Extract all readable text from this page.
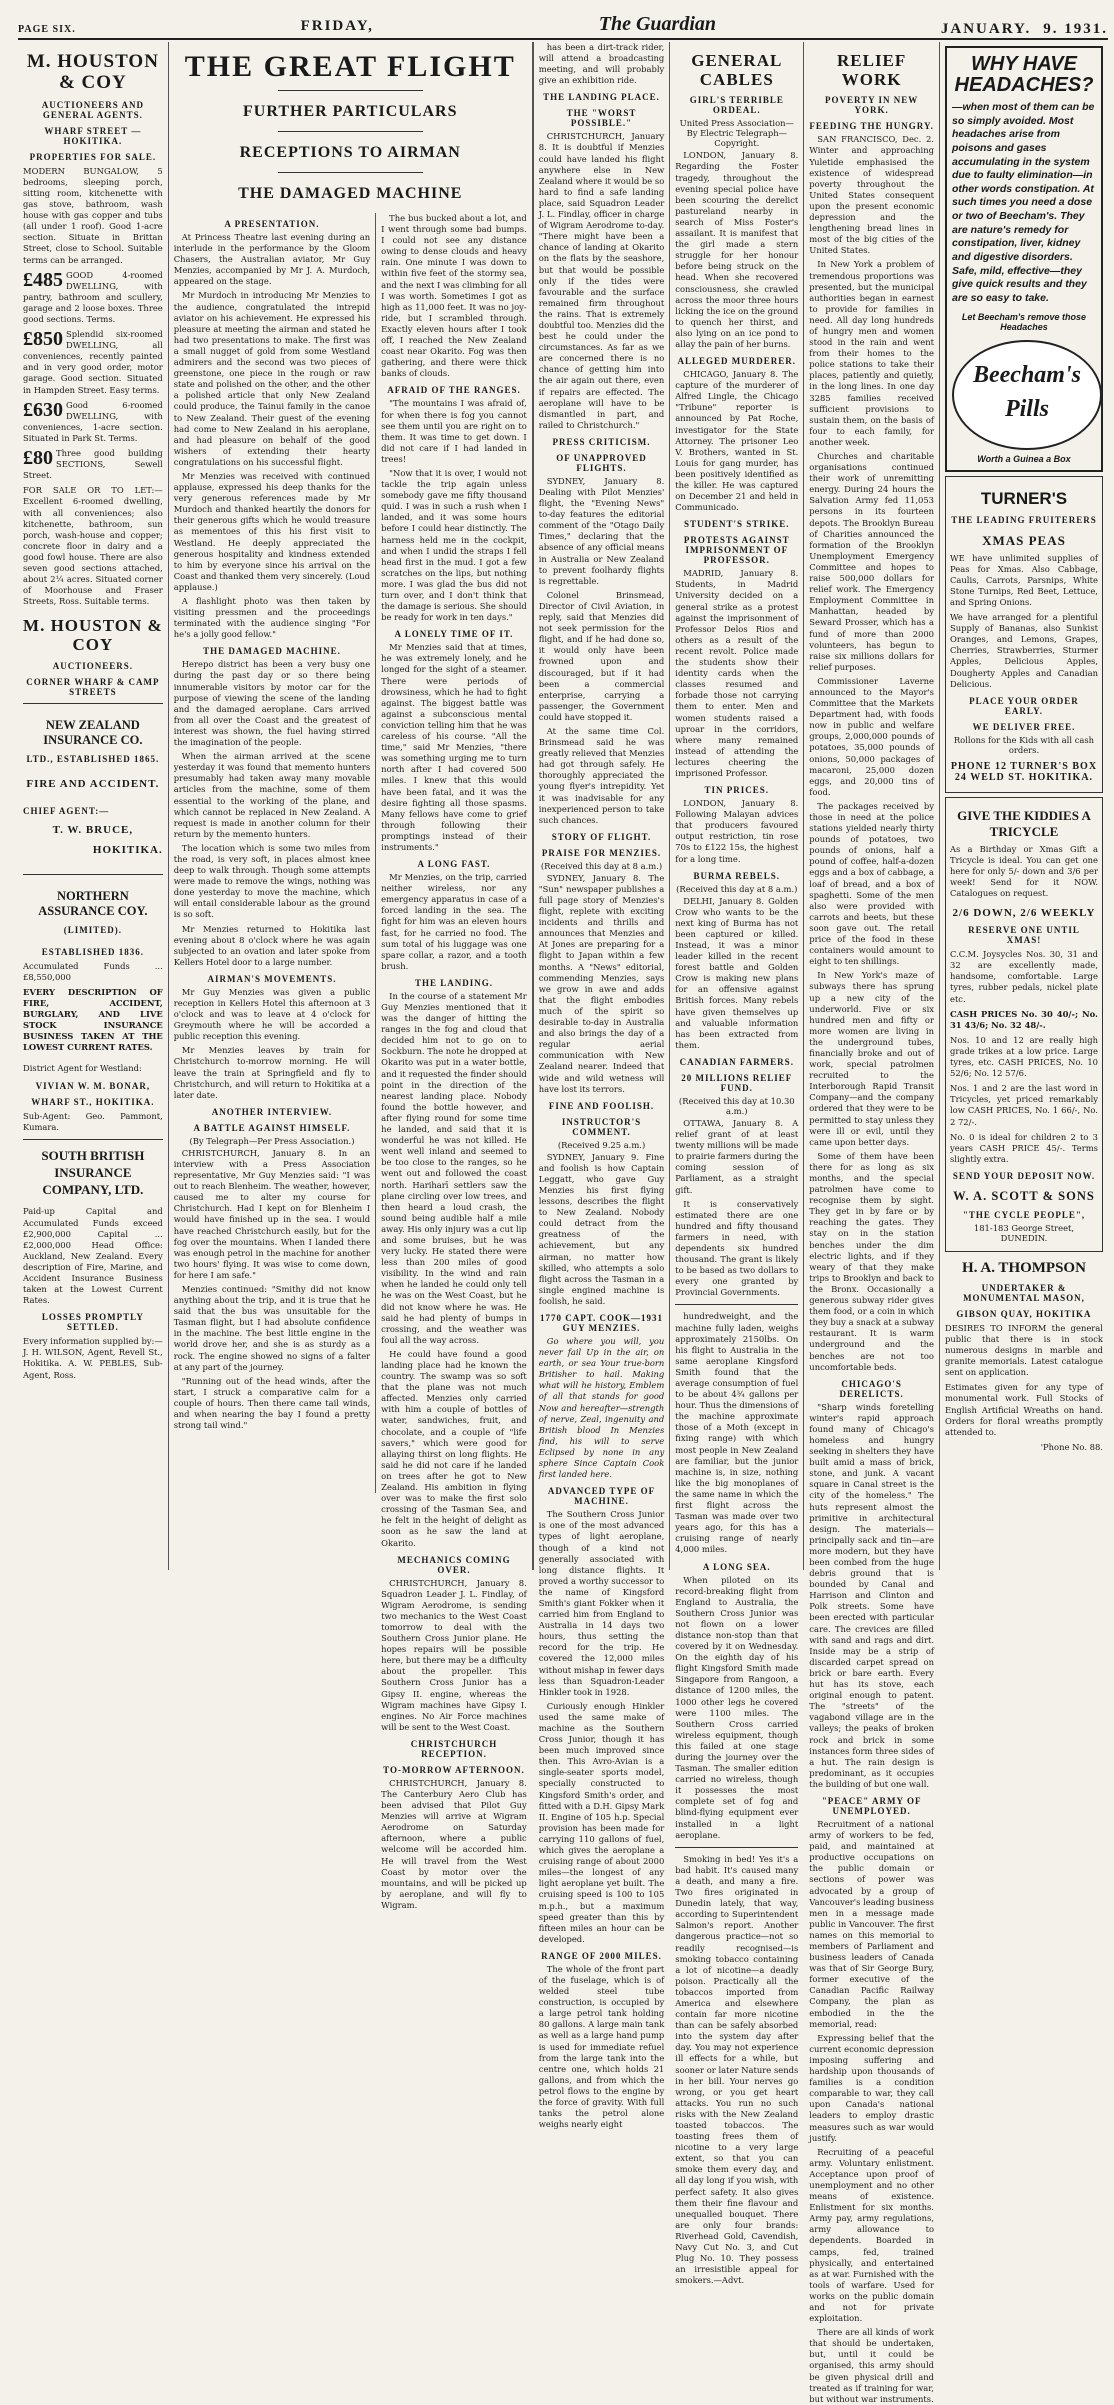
PAGE SIX.	FRIDAY,	The Guardian	JANUARY. 9. 1931.
M. HOUSTON & COY
AUCTIONEERS AND GENERAL AGENTS.
WHARF STREET — HOKITIKA.
PROPERTIES FOR SALE.
MODERN BUNGALOW, 5 bedrooms, sleeping porch, sitting room, kitchenette with gas stove, bathroom, wash house with gas copper and tubs (all under 1 roof). Good 1-acre section. Situate in Brittan Street, close to School. Suitable terms can be arranged.
£485 GOOD 4-roomed DWELLING, with pantry, bathroom and scullery, garage and 2 loose boxes. Three good sections. Terms.
£850 Splendid six-roomed DWELLING, all conveniences, recently painted and in very good order, motor garage. Good section. Situated in Hampden Street. Easy terms.
£630 Good 6-roomed DWELLING, with conveniences, 1-acre section. Situated in Park St. Terms.
£80 Three good building SECTIONS, Sewell Street.
FOR SALE OR TO LET:—Excellent 6-roomed dwelling, with all conveniences; also kitchenette, bathroom, sun porch, wash-house and copper; concrete floor in dairy and a good fowl house. There are also seven good sections attached, about 2¼ acres. Situated corner of Moorhouse and Fraser Streets, Ross. Suitable terms.
M. HOUSTON & COY
AUCTIONEERS.
CORNER WHARF & CAMP STREETS
NEW ZEALAND INSURANCE CO.
LTD., ESTABLISHED 1865.
FIRE AND ACCIDENT.
CHIEF AGENT:—
T. W. BRUCE,
HOKITIKA.
NORTHERN ASSURANCE COY.
(LIMITED).
ESTABLISHED 1836.
Accumulated Funds ... £8,550,000
EVERY DESCRIPTION OF FIRE, ACCIDENT, BURGLARY, AND LIVE STOCK INSURANCE BUSINESS TAKEN AT THE LOWEST CURRENT RATES.
District Agent for Westland:
VIVIAN W. M. BONAR,
WHARF ST., HOKITIKA.
Sub-Agent: Geo. Pammont, Kumara.
SOUTH BRITISH INSURANCE COMPANY, LTD.
Paid-up Capital and Accumulated Funds exceed £2,900,000 Capital ... £2,000,000 Head Office: Auckland, New Zealand. Every description of Fire, Marine, and Accident Insurance Business taken at the Lowest Current Rates.
LOSSES PROMPTLY SETTLED.
Every information supplied by:— J. H. WILSON, Agent, Revell St., Hokitika. A. W. PEBLES, Sub-Agent, Ross.
THE GREAT FLIGHT
FURTHER PARTICULARS
RECEPTIONS TO AIRMAN
THE DAMAGED MACHINE
A PRESENTATION.

At Princess Theatre last evening during an interlude in the performance by the Gloom Chasers, the Australian aviator, Mr Guy Menzies, accompanied by Mr J. A. Murdoch, appeared on the stage.

Mr Murdoch in introducing Mr Menzies to the audience, congratulated the intrepid aviator on his achievement. He expressed his pleasure at meeting the airman and stated he had two presentations to make. The first was a small nugget of gold from some Westland admirers and the second was two pieces of greenstone, one piece in the rough or raw state and polished on the other, and the other a polished article that only New Zealand could produce, the Tainui family in the canoe to New Zealand. Their guest of the evening had come to New Zealand in his aeroplane, and had pleasure on behalf of the good wishers of extending their hearty congratulations on his successful flight.

Mr Menzies was received with continued applause, expressed his deep thanks for the very generous references made by Mr Murdoch and thanked heartily the donors for their generous gifts which he would treasure as mementoes of this his first visit to Westland. He deeply appreciated the generous hospitality and kindness extended to him by everyone since his arrival on the Coast and thanked them very sincerely. (Loud applause.)

A flashlight photo was then taken by visiting pressmen and the proceedings terminated with the audience singing "For he's a jolly good fellow."

THE DAMAGED MACHINE.

Herepo district has been a very busy one during the past day or so there being innumerable visitors by motor car for the purpose of viewing the scene of the landing and the damaged aeroplane. Cars arrived from all over the Coast and the greatest of interest was shown, the fuel having stirred the imagination of the people.

When the airman arrived at the scene yesterday it was found that memento hunters presumably had taken away many movable articles from the machine, some of them essential to the working of the plane, and which cannot be replaced in New Zealand. A request is made in another column for their return by the memento hunters.

The location which is some two miles from the road, is very soft, in places almost knee deep to walk through. Though some attempts were made to remove the wings, nothing was done yesterday to move the machine, which will entail considerable labour as the ground is so soft.

Mr Menzies returned to Hokitika last evening about 8 o'clock where he was again subjected to an ovation and later spoke from Kellers Hotel door to a large number.

AIRMAN'S MOVEMENTS.

Mr Guy Menzies was given a public reception in Kellers Hotel this afternoon at 3 o'clock and was to leave at 4 o'clock for Greymouth where he will be accorded a public reception this evening.

Mr Menzies leaves by train for Christchurch to-morrow morning. He will leave the train at Springfield and fly to Christchurch, and will return to Hokitika at a later date.

ANOTHER INTERVIEW.
A BATTLE AGAINST HIMSELF.
(By Telegraph—Per Press Association.)

CHRISTCHURCH, January 8. In an interview with a Press Association representative, Mr Guy Menzies said: "I was out to reach Blenheim. The weather, however, caused me to alter my course for Christchurch. Had I kept on for Blenheim I would have finished up in the sea. I would have reached Christchurch easily, but for the fog over the mountains. When I landed there was enough petrol in the machine for another two hours' flying. It was wise to come down, for here I am safe."

Menzies continued: "Smithy did not know anything about the trip, and it is true that he said that the bus was unsuitable for the Tasman flight, but I had absolute confidence in the machine. The best little engine in the world drove her, and she is as sturdy as a rock. The engine showed no signs of a falter at any part of the journey.

"Running out of the head winds, after the start, I struck a comparative calm for a couple of hours. Then there came tail winds, and when nearing the bay I found a pretty strong tail wind."

The bus bucked about a lot, and I went through some bad bumps. I could not see any distance owing to dense clouds and heavy rain. One minute I was down to within five feet of the stormy sea, and the next I was climbing for all I was worth. Sometimes I got as high as 11,000 feet. It was no joy-ride, but I scrambled through. Exactly eleven hours after I took off, I reached the New Zealand coast near Okarito. Fog was then gathering, and there were thick banks of clouds.

AFRAID OF THE RANGES.

"The mountains I was afraid of, for when there is fog you cannot see them until you are right on to them. It was time to get down. I did not care if I had landed in trees!

"Now that it is over, I would not tackle the trip again unless somebody gave me fifty thousand quid. I was in such a rush when I landed, and it was some hours before I could hear distinctly. The harness held me in the cockpit, and when I undid the straps I fell head first in the mud. I got a few scratches on the lips, but nothing more. I was glad the bus did not turn over, and I don't think that the damage is serious. She should be ready for work in ten days."

A LONELY TIME OF IT.

Mr Menzies said that at times, he was extremely lonely, and he longed for the sight of a steamer. There were periods of drowsiness, which he had to fight against. The biggest battle was against a subconscious mental conviction telling him that he was careless of his course. "All the time," said Mr Menzies, "there was something urging me to turn north after I had covered 500 miles. I knew that this would have been fatal, and it was the desire fighting all those spasms. Many fellows have come to grief through following their promptings instead of their instruments."

A LONG FAST.

Mr Menzies, on the trip, carried neither wireless, nor any emergency apparatus in case of a forced landing in the sea. The fight for him was an eleven hours fast, for he carried no food. The sum total of his luggage was one spare collar, a razor, and a tooth brush.

THE LANDING.

In the course of a statement Mr Guy Menzies mentioned that it was the danger of hitting the ranges in the fog and cloud that decided him not to go on to Sockburn. The note he dropped at Okarito was put in a water bottle, and it requested the finder should point in the direction of the nearest landing place. Nobody found the bottle however, and after flying round for some time he landed, and said that it is wonderful he was not killed. He went well inland and seemed to be too close to the ranges, so he went out and followed the coast north. Hariharī settlers saw the plane circling over low trees, and then heard a loud crash, the sound being audible half a mile away. His only injury was a cut lip and some bruises, but he was very lucky. He stated there were less than 200 miles of good visibility. In the wind and rain when he landed he could only tell he was on the West Coast, but he did not know where he was. He said he had plenty of bumps in crossing, and the weather was foul all the way across.

He could have found a good landing place had he known the country. The swamp was so soft that the plane was not much affected. Menzies only carried with him a couple of bottles of water, sandwiches, fruit, and chocolate, and a couple of "life savers," which were good for allaying thirst on long flights. He said he did not care if he landed on trees after he got to New Zealand. His ambition in flying over was to make the first solo crossing of the Tasman Sea, and he felt in the height of delight as soon as he saw the land at Okarito.

MECHANICS COMING OVER.

CHRISTCHURCH, January 8. Squadron Leader J. L. Findlay, of Wigram Aerodrome, is sending two mechanics to the West Coast tomorrow to deal with the Southern Cross Junior plane. He hopes repairs will be possible here, but there may be a difficulty about the propeller. This Southern Cross Junior has a Gipsy II. engine, whereas the Wigram machines have Gipsy I. engines. No Air Force machines will be sent to the West Coast.

CHRISTCHURCH RECEPTION.
TO-MORROW AFTERNOON.

CHRISTCHURCH, January 8. The Canterbury Aero Club has been advised that Pilot Guy Menzies will arrive at Wigram Aerodrome on Saturday afternoon, where a public welcome will be accorded him. He will travel from the West Coast by motor over the mountains, and will be picked up by aeroplane, and will fly to Wigram.

has been a dirt-track rider, will attend a broadcasting meeting, and will probably give an exhibition ride.

THE LANDING PLACE.
THE "WORST POSSIBLE."

CHRISTCHURCH, January 8. It is doubtful if Menzies could have landed his flight anywhere else in New Zealand where it would be so hard to find a safe landing place, said Squadron Leader J. L. Findlay, officer in charge of Wigram Aerodrome to-day. "There might have been a chance of landing at Okarito on the flats by the seashore, but that would be possible only if the tides were favourable and the surface remained firm throughout the rains. That is extremely doubtful too. Menzies did the best he could under the circumstances. As far as we are concerned there is no chance of getting him into the air again out there, even if repairs are effected. The aeroplane will have to be dismantled in part, and railed to Christchurch."

PRESS CRITICISM.
OF UNAPPROVED FLIGHTS.

SYDNEY, January 8. Dealing with Pilot Menzies' flight, the "Evening News" to-day features the editorial comment of the "Otago Daily Times," declaring that the absence of any official means in Australia or New Zealand to prevent foolhardy flights is regrettable.

Colonel Brinsmead, Director of Civil Aviation, in reply, said that Menzies did not seek permission for the flight, and if he had done so, it would only have been frowned upon and discouraged, but if it had been a commercial enterprise, carrying a passenger, the Government could have stopped it.

At the same time Col. Brinsmead said he was greatly relieved that Menzies had got through safely. He thoroughly appreciated the young flyer's intrepidity. Yet it was inadvisable for any inexperienced person to take such chances.

STORY OF FLIGHT.
PRAISE FOR MENZIES.
(Received this day at 8 a.m.)

SYDNEY, January 8. The "Sun" newspaper publishes a full page story of Menzies's flight, replete with exciting incidents and thrills and announces that Menzies and At Jones are preparing for a flight to Japan within a few months. A "News" editorial, commending Menzies, says we grow in awe and adds that the flight embodies much of the spirit so desirable to-day in Australia and also brings the day of a regular aerial communication with New Zealand nearer. Indeed that wide and wild wetness will have lost its terrors.

FINE AND FOOLISH.
INSTRUCTOR'S COMMENT.
(Received 9.25 a.m.)

SYDNEY, January 9. Fine and foolish is how Captain Leggatt, who gave Guy Menzies his first flying lessons, describes the flight to New Zealand. Nobody could detract from the greatness of the achievement, but any airman, no matter how skilled, who attempts a solo flight across the Tasman in a single engined machine is foolish, he said.

1770 CAPT. COOK—1931 GUY MENZIES.

Go where you will, you never fail Up in the air, on earth, or sea Your true-born Britisher to hail. Making what will he history, Emblem of all that stands for good Now and hereafter—strength of nerve, Zeal, ingenuity and British blood In Menzies find, his will to serve Eclipsed by none in any sphere Since Captain Cook first landed here.

ADVANCED TYPE OF MACHINE.

The Southern Cross Junior is one of the most advanced types of light aeroplane, though of a kind not generally associated with long distance flights. It proved a worthy successor to the name of Kingsford Smith's giant Fokker when it carried him from England to Australia in 14 days two hours, thus setting the record for the trip. He covered the 12,000 miles without mishap in fewer days less than Squadron-Leader Hinkler took in 1928.

Curiously enough Hinkler used the same make of machine as the Southern Cross Junior, though it has been much improved since then. This Avro-Avian is a single-seater sports model, specially constructed to Kingsford Smith's order, and fitted with a D.H. Gipsy Mark II. Engine of 105 h.p. Special provision has been made for carrying 110 gallons of fuel, which gives the aeroplane a cruising range of about 2000 miles—the longest of any light aeroplane yet built. The cruising speed is 100 to 105 m.p.h., but a maximum speed greater than this by fifteen miles an hour can be developed.

RANGE OF 2000 MILES.

The whole of the front part of the fuselage, which is of welded steel tube construction, is occupied by a large petrol tank holding 80 gallons. A large main tank as well as a large hand pump is used for immediate refuel from the large tank into the centre one, which holds 21 gallons, and from which the petrol flows to the engine by the force of gravity. With full tanks the petrol alone weighs nearly eight

GENERAL CABLES
GIRL'S TERRIBLE ORDEAL.
United Press Association—By Electric Telegraph—Copyright.

LONDON, January 8. Regarding the Foster tragedy, throughout the evening special police have been scouring the derelict pastureland nearby in search of Miss Foster's assailant. It is manifest that the girl made a stern struggle for her honour before being struck on the head. When she recovered consciousness, she crawled across the moor three hours licking the ice on the ground to quench her thirst, and also lying on an ice pond to allay the pain of her burns.

ALLEGED MURDERER.

CHICAGO, January 8. The capture of the murderer of Alfred Lingle, the Chicago "Tribune" reporter is announced by Pat Roche, investigator for the State Attorney. The prisoner Leo V. Brothers, wanted in St. Louis for gang murder, has been positively identified as the killer. He was captured on December 21 and held in Communicado.

STUDENT'S STRIKE.
PROTESTS AGAINST IMPRISONMENT OF PROFESSOR.

MADRID, January 8. Students, in Madrid University decided on a general strike as a protest against the imprisonment of Professor Delos Rios and others as a result of the recent revolt. Police made the students show their identity cards when the classes resumed and forbade those not carrying them to enter. Men and women students raised a uproar in the corridors, where many remained instead of attending the lectures cheering the imprisoned Professor.

TIN PRICES.

LONDON, January 8. Following Malayan advices that producers favoured output restriction, tin rose 70s to £122 15s, the highest for a long time.

BURMA REBELS.
(Received this day at 8 a.m.)

DELHI, January 8. Golden Crow who wants to be the next king of Burma has not been captured or killed. Instead, it was a minor leader killed in the recent forest battle and Golden Crow is making new plans for an offensive against British forces. Many rebels have given themselves up and valuable information has been extracted from them.

CANADIAN FARMERS.
20 MILLIONS RELIEF FUND.
(Received this day at 10.30 a.m.)

OTTAWA, January 8. A relief grant of at least twenty millions will be made to prairie farmers during the coming session of Parliament, as a straight gift.

It is conservatively estimated there are one hundred and fifty thousand farmers in need, with dependents six hundred thousand. The grant is likely to be based as two dollars to every one granted by Provincial Governments.

hundredweight, and the machine fully laden, weighs approximately 2150lbs. On his flight to Australia in the same aeroplane Kingsford Smith found that the average consumption of fuel to be about 4¾ gallons per hour. Thus the dimensions of the machine approximate those of a Moth (except in fixing range) with which most people in New Zealand are familiar, but the junior machine is, in size, nothing like the big monoplanes of the same name in which the first flight across the Tasman was made over two years ago, for this has a cruising range of nearly 4,000 miles.

A LONG SEA.

When piloted on its record-breaking flight from England to Australia, the Southern Cross Junior was not flown on a lower distance non-stop than that covered by it on Wednesday. On the eighth day of his flight Kingsford Smith made Singapore from Rangoon, a distance of 1200 miles, the 1000 other legs he covered were 1100 miles. The Southern Cross carried wireless equipment, though this failed at one stage during the journey over the Tasman. The smaller edition carried no wireless, though it possesses the most complete set of fog and blind-flying equipment ever installed in a light aeroplane.

Smoking in bed! Yes it's a bad habit. It's caused many a death, and many a fire. Two fires originated in Dunedin lately, that way, according to Superintendent Salmon's report. Another dangerous practice—not so readily recognised—is smoking tobacco containing a lot of nicotine—a deadly poison. Practically all the tobaccos imported from America and elsewhere contain far more nicotine than can be safely absorbed into the system day after day. You may not experience ill effects for a while, but sooner or later Nature sends in her bill. Your nerves go wrong, or you get heart attacks. You run no such risks with the New Zealand toasted tobaccos. The toasting frees them of nicotine to a very large extent, so that you can smoke them every day, and all day long if you wish, with perfect safety. It also gives them their fine flavour and unequalled bouquet. There are only four brands: Riverhead Gold, Cavendish, Navy Cut No. 3, and Cut Plug No. 10. They possess an irresistible appeal for smokers.—Advt.

RELIEF WORK
POVERTY IN NEW YORK.
FEEDING THE HUNGRY.

SAN FRANCISCO, Dec. 2. Winter and approaching Yuletide emphasised the existence of widespread poverty throughout the United States consequent upon the present economic depression and the lengthening bread lines in most of the big cities of the United States.

In New York a problem of tremendous proportions was presented, but the municipal authorities began in earnest to provide for families in need. All day long hundreds of hungry men and women stood in the rain and went from their homes to the police stations to take their places, patiently and quietly, in the long lines. In one day 3285 families received sufficient provisions to sustain them, on the basis of four to each family, for another week.

Churches and charitable organisations continued their work of unremitting energy. During 24 hours the Salvation Army fed 11,053 persons in its fourteen depots. The Brooklyn Bureau of Charities announced the formation of the Brooklyn Unemployment Emergency Committee and hopes to raise 500,000 dollars for relief work. The Emergency Employment Committee in Manhattan, headed by Seward Prosser, which has a fund of more than 2000 volunteers, has begun to raise six millions dollars for relief purposes.

Commissioner Laverne announced to the Mayor's Committee that the Markets Department had, with foods now in public and welfare groups, 2,000,000 pounds of potatoes, 35,000 pounds of onions, 50,000 packages of macaroni, 25,000 dozen eggs, and 20,000 tins of food.

The packages received by those in need at the police stations yielded nearly thirty pounds of potatoes, two pounds of onions, half a pound of coffee, half-a-dozen eggs and a box of cabbage, a loaf of bread, and a box of spaghetti. Some of the men also were provided with carrots and beets, but these soon gave out. The retail price of the food in these containers would amount to eight to ten shillings.

In New York's maze of subways there has sprung up a new city of the underworld. Five or six hundred men and fifty or more women are living in the underground tubes, financially broke and out of work, special patrolmen recruited to the Interborough Rapid Transit Company—and the company ordered that they were to be permitted to stay unless they were ill or evil, until they came upon better days.

Some of them have been there for as long as six months, and the special patrolmen have come to recognise them by sight. They get in by fare or by reaching the gates. They stay on in the station benches under the dim electric lights, and if they weary of that they make trips to Brooklyn and back to the Bronx. Occasionally a generous subway rider gives them food, or a coin in which they buy a snack at a subway restaurant. It is warm underground and the benches are not too uncomfortable beds.

CHICAGO'S DERELICTS.

"Sharp winds foretelling winter's rapid approach found many of Chicago's homeless and hungry seeking in shelters they have built amid a mass of brick, stone, and junk. A vacant square in Canal street is the city of the homeless." The huts represent almost the primitive in architectural design. The materials—principally sack and tin—are more modern, but they have been combed from the huge debris ground that is bounded by Canal and Harrison and Clinton and Polk streets. Some have been erected with particular care. The crevices are filled with sand and rags and dirt. Inside may be a strip of discarded carpet spread on brick or bare earth. Every hut has its stove, each original enough to patent. The "streets" of the vagabond village are in the valleys; the peaks of broken rock and brick in some instances form three sides of a hut. The rain design is predominant, as it occupies the building of but one wall.

"PEACE" ARMY OF UNEMPLOYED.

Recruitment of a national army of workers to be fed, paid, and maintained at productive occupations on the public domain or sections of power was advocated by a group of Vancouver's leading business men in a message made public in Vancouver. The first names on this memorial to members of Parliament and business leaders of Canada was that of Sir George Bury, former executive of the Canadian Pacific Railway Company, the plan as embodied in the the memorial, read:

Expressing belief that the current economic depression imposing suffering and hardship upon thousands of families is a condition comparable to war, they call upon Canada's national leaders to employ drastic measures such as war would justify.

Recruiting of a peaceful army. Voluntary enlistment. Acceptance upon proof of unemployment and no other means of existence. Enlistment for six months. Army pay, army regulations, army allowance to dependents. Boarded in camps, fed, trained physically, and entertained as at war. Furnished with the tools of warfare. Used for works on the public domain and not for private exploitation.

There are all kinds of work that should be undertaken, but, until it could be organised, this army should be given physical drill and treated as if training for war, but without war instruments.

WHY HAVE HEADACHES?
—when most of them can be so simply avoided. Most headaches arise from poisons and gases accumulating in the system due to faulty elimination—in other words constipation. At such times you need a dose or two of Beecham's. They are nature's remedy for constipation, liver, kidney and digestive disorders. Safe, mild, effective—they give quick results and they are so easy to take.
Let Beecham's remove those Headaches
Beecham's
Pills
Worth a Guinea a Box
TURNER'S
THE LEADING FRUITERERS
XMAS PEAS
WE have unlimited supplies of Peas for Xmas. Also Cabbage, Caulis, Carrots, Parsnips, White Stone Turnips, Red Beet, Lettuce, and Spring Onions.
We have arranged for a plentiful Supply of Bananas, also Sunkist Oranges, and Lemons, Grapes, Cherries, Strawberries, Sturmer Apples, Delicious Apples, Dougherty Apples and Canadian Delicious.
PLACE YOUR ORDER EARLY.
WE DELIVER FREE.
Rollons for the Kids with all cash orders.
PHONE 12 TURNER'S BOX 24 WELD ST. HOKITIKA.
GIVE THE KIDDIES A TRICYCLE
As a Birthday or Xmas Gift a Tricycle is ideal. You can get one here for only 5/- down and 3/6 per week! Send for it NOW. Catalogues on request.
2/6 DOWN, 2/6 WEEKLY
RESERVE ONE UNTIL XMAS!
C.C.M. Joysycles Nos. 30, 31 and 32 are excellently made, handsome, comfortable. Large tyres, rubber pedals, nickel plate etc.
CASH PRICES No. 30 40/-; No. 31 43/6; No. 32 48/-.
Nos. 10 and 12 are really high grade trikes at a low price. Large tyres, etc. CASH PRICES, No. 10 52/6; No. 12 57/6.
Nos. 1 and 2 are the last word in Tricycles, yet priced remarkably low CASH PRICES, No. 1 66/-, No. 2 72/-.
No. 0 is ideal for children 2 to 3 years CASH PRICE 45/-. Terms slightly extra.
SEND YOUR DEPOSIT NOW.
W. A. SCOTT & SONS
"THE CYCLE PEOPLE",
181-183 George Street, DUNEDIN.
H. A. THOMPSON
UNDERTAKER & MONUMENTAL MASON,
GIBSON QUAY, HOKITIKA
DESIRES TO INFORM the general public that there is in stock numerous designs in marble and granite memorials. Latest catalogue sent on application.
Estimates given for any type of monumental work. Full Stocks of English Artificial Wreaths on hand. Orders for floral wreaths promptly attended to.
'Phone No. 88.
